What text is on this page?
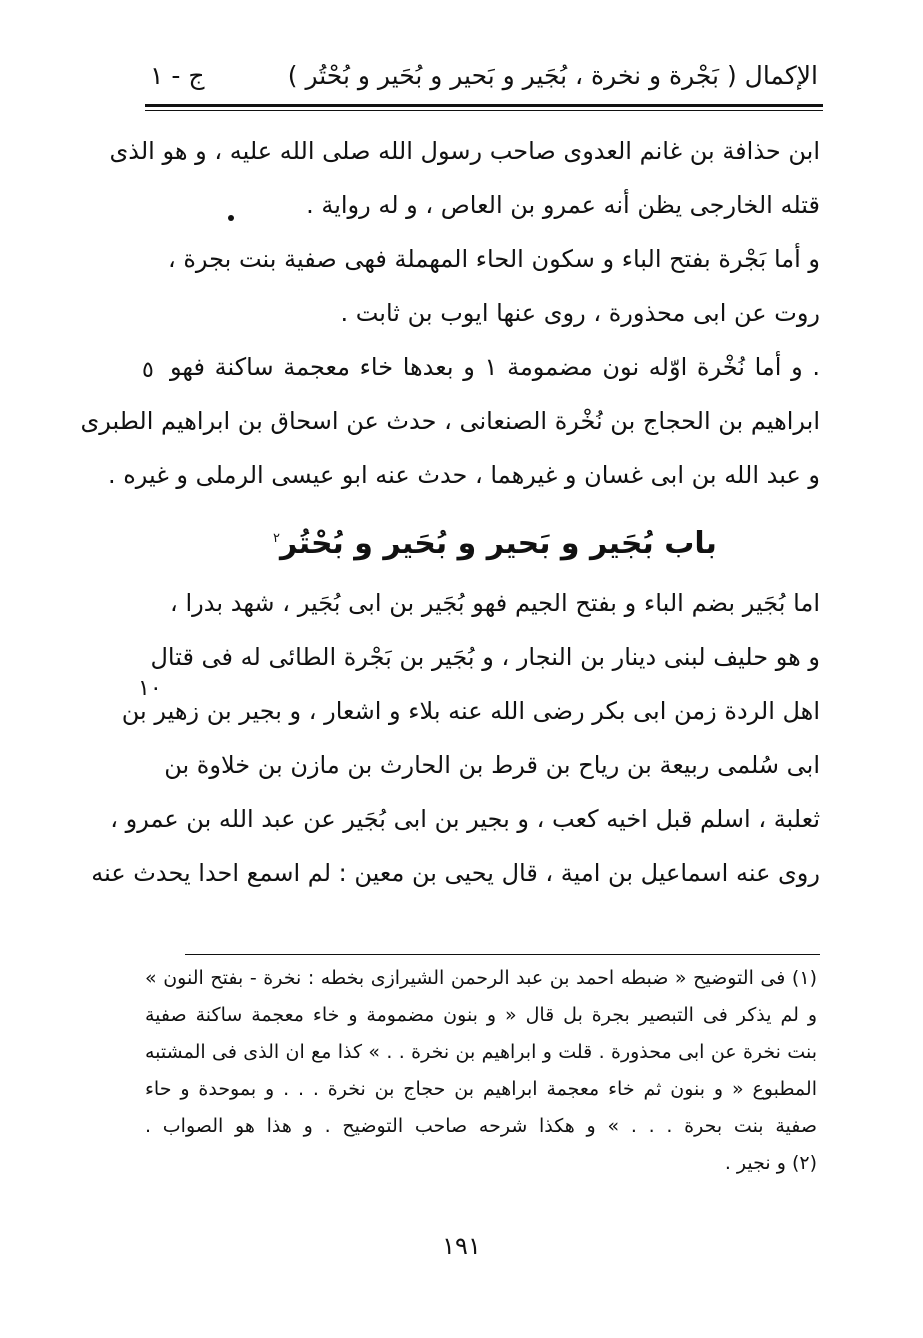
الإكمال ( بَجْرة و نخرة ، بُجَير و بَحير و بُحَير و بُحْتُر )
ج - ١
ابن حذافة بن غانم العدوى صاحب رسول الله صلى الله عليه ، و هو الذى
قتله الخارجى يظن أنه عمرو بن العاص ، و له رواية .
و أما بَجْرة بفتح الباء و سكون الحاء المهملة فهى صفية بنت بجرة ،
روت عن ابى محذورة ، روى عنها ايوب بن ثابت .
. و أما نُخْرة اوّله نون مضمومة ١ و بعدها خاء معجمة ساكنة فهو
ابراهيم بن الحجاج بن نُخْرة الصنعانى ، حدث عن اسحاق بن ابراهيم الطبرى
و عبد الله بن ابى غسان و غيرهما ، حدث عنه ابو عيسى الرملى و غيره .
باب بُجَير و بَحير و بُحَير و بُحْتُر$^٢$
اما بُجَير بضم الباء و بفتح الجيم فهو بُجَير بن ابى بُجَير ، شهد بدرا ،
و هو حليف لبنى دينار بن النجار ، و بُجَير بن بَجْرة الطائى له فى قتال
اهل الردة زمن ابى بكر رضى الله عنه بلاء و اشعار ، و بجير بن زهير بن
ابى سُلمى ربيعة بن رياح بن قرط بن الحارث بن مازن بن خلاوة بن
ثعلبة ، اسلم قبل اخيه كعب ، و بجير بن ابى بُجَير عن عبد الله بن عمرو ،
روى عنه اسماعيل بن امية ، قال يحيى بن معين : لم اسمع احدا يحدث عنه
٥
١٠
(١) فى التوضيح « ضبطه احمد بن عبد الرحمن الشيرازى بخطه : نخرة - بفتح النون »
و لم يذكر فى التبصير بجرة بل قال « و بنون مضمومة و خاء معجمة ساكنة صفية
بنت نخرة عن ابى محذورة . قلت و ابراهيم بن نخرة . . » كذا مع ان الذى فى المشتبه
المطبوع « و بنون ثم خاء معجمة ابراهيم بن حجاج بن نخرة . . . و بموحدة و حاء
صفية بنت بحرة . . . » و هكذا شرحه صاحب التوضيح . و هذا هو الصواب .
(٢) و نجير .
١٩١
